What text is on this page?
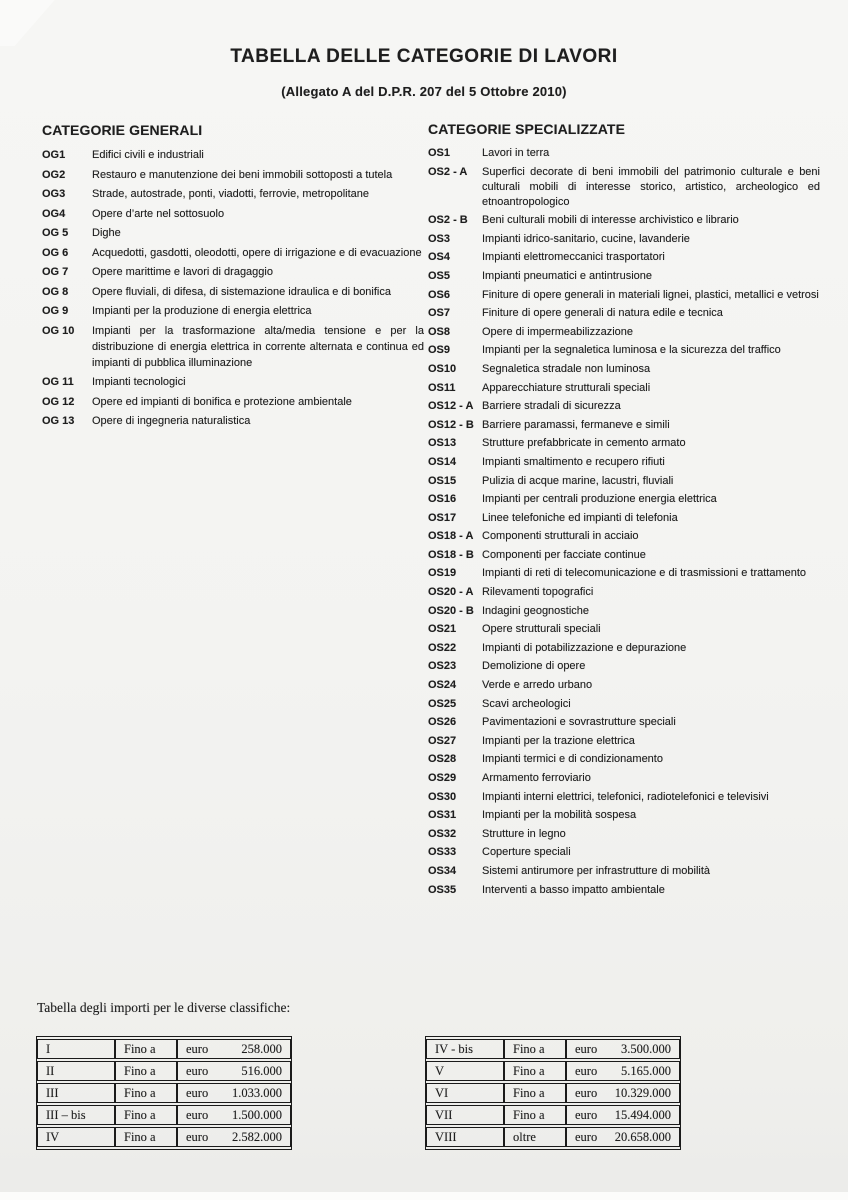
TABELLA DELLE CATEGORIE DI LAVORI
(Allegato A del D.P.R. 207 del 5 Ottobre 2010)
CATEGORIE GENERALI
OG1	Edifici civili e industriali
OG2	Restauro e manutenzione dei beni immobili sottoposti a tutela
OG3	Strade, autostrade, ponti, viadotti, ferrovie, metropolitane
OG4	Opere d’arte nel sottosuolo
OG 5	Dighe
OG 6	Acquedotti, gasdotti, oleodotti, opere di irrigazione e di evacuazione
OG 7	Opere marittime e lavori di dragaggio
OG 8	Opere fluviali, di difesa, di sistemazione idraulica e di bonifica
OG 9	Impianti per la produzione di energia elettrica
OG 10	Impianti per la trasformazione alta/media tensione e per la distribuzione di energia elettrica in corrente alternata e continua ed impianti di pubblica illuminazione
OG 11	Impianti tecnologici
OG 12	Opere ed impianti di bonifica e protezione ambientale
OG 13	Opere di ingegneria naturalistica
CATEGORIE SPECIALIZZATE
OS1	Lavori in terra
OS2 - A	Superfici decorate di beni immobili del patrimonio culturale e beni culturali mobili di interesse storico, artistico, archeologico ed etnoantropologico
OS2 - B	Beni culturali mobili di interesse archivistico e librario
OS3	Impianti idrico-sanitario, cucine, lavanderie
OS4	Impianti elettromeccanici trasportatori
OS5	Impianti pneumatici e antintrusione
OS6	Finiture di opere generali in materiali lignei, plastici, metallici e vetrosi
OS7	Finiture di opere generali di natura edile e tecnica
OS8	Opere di impermeabilizzazione
OS9	Impianti per la segnaletica luminosa e la sicurezza del traffico
OS10	Segnaletica stradale non luminosa
OS11	Apparecchiature strutturali speciali
OS12 - A Barriere stradali di sicurezza
OS12 - B Barriere paramassi, fermaneve e simili
OS13	Strutture prefabbricate in cemento armato
OS14	Impianti smaltimento e recupero rifiuti
OS15	Pulizia di acque marine, lacustri, fluviali
OS16	Impianti per centrali produzione energia elettrica
OS17	Linee telefoniche ed impianti di telefonia
OS18 - A Componenti strutturali in acciaio
OS18 - B Componenti per facciate continue
OS19	Impianti di reti di telecomunicazione e di trasmissioni e trattamento
OS20 - A Rilevamenti topografici
OS20 - B Indagini geognostiche
OS21	Opere strutturali speciali
OS22	Impianti di potabilizzazione e depurazione
OS23	Demolizione di opere
OS24	Verde e arredo urbano
OS25	Scavi archeologici
OS26	Pavimentazioni e sovrastrutture speciali
OS27	Impianti per la trazione elettrica
OS28	Impianti termici e di condizionamento
OS29	Armamento ferroviario
OS30	Impianti interni elettrici, telefonici, radiotelefonici e televisivi
OS31	Impianti per la mobilità sospesa
OS32	Strutture in legno
OS33	Coperture speciali
OS34	Sistemi antirumore per infrastrutture di mobilità
OS35	Interventi a basso impatto ambientale

Tabella degli importi per le diverse classifiche:

I	Fino a	euro 258.000

II	Fino a	euro 516.000

III	Fino a	euro 1.033.000

III – bis	Fino a	euro 1.500.000

IV	Fino a	euro 2.582.000
IV - bis	Fino a	euro 3.500.000

V	Fino a	euro 5.165.000

VI	Fino a	euro 10.329.000

VII	Fino a	euro 15.494.000

VIII	oltre	euro 20.658.000
